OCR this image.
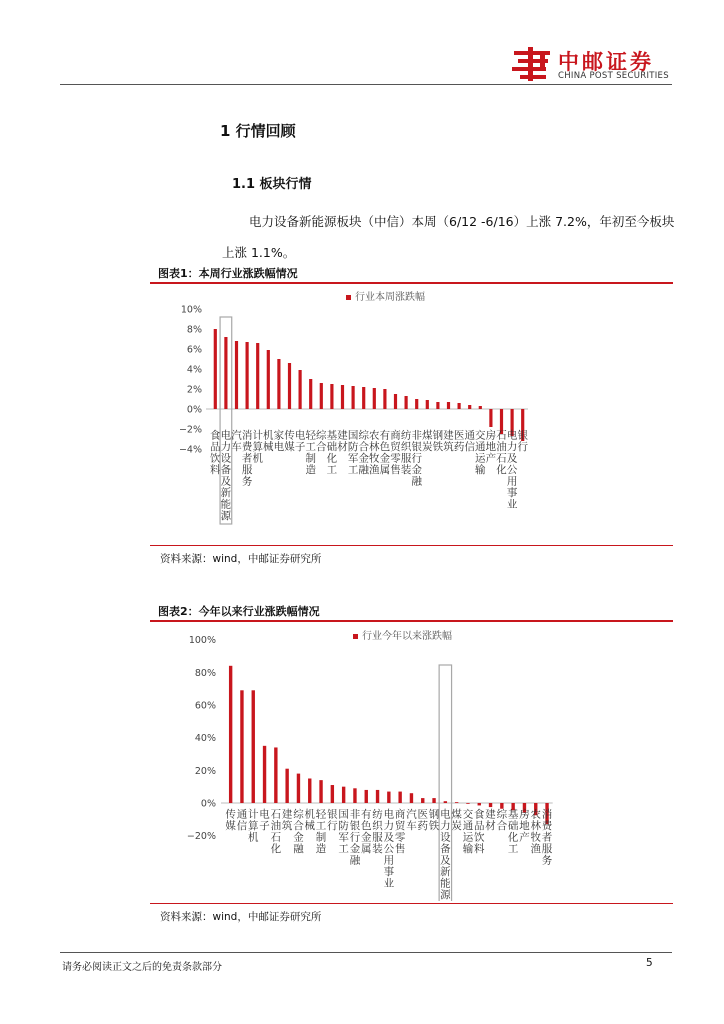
中邮证券
CHINA POST SECURITIES
1 行情回顾
1.1 板块行情

电力设备新能源板块（中信）本周（6/12 -6/16）上涨 7.2%，年初至今板块

上涨 1.1%。
图表1：本周行业涨跌幅情况
行业本周涨跌幅
10%
8%
6%
4%
2%
0%
−2%
−4%
食品饮料
电力设备及新能源
汽车
消费者服务
计算机
机械
家电
传媒
电子
轻工制造
综合
基础化工
建材
国防军工
综合金融
农林牧渔
有色金属
商贸零售
纺织服装
非银行金融
煤炭
钢铁
建筑
医药
通信
交通运输
房地产
石油石化
电力及公用事业
银行
资料来源：wind，中邮证券研究所
图表2：今年以来行业涨跌幅情况
行业今年以来涨跌幅
100%
80%
60%
40%
20%
0%
−20%
传媒
通信
计算机
电子
石油石化
建筑
综合金融
机械
轻工制造
银行
国防军工
非银行金融
有色金属
纺织服装
电力及公用事业
商贸零售
汽车
医药
钢铁
电力设备及新能源
煤炭
交通运输
食品饮料
建材
综合
基础化工
房地产
农林牧渔
消费者服务
资料来源：wind，中邮证券研究所
请务必阅读正文之后的免责条款部分	5
